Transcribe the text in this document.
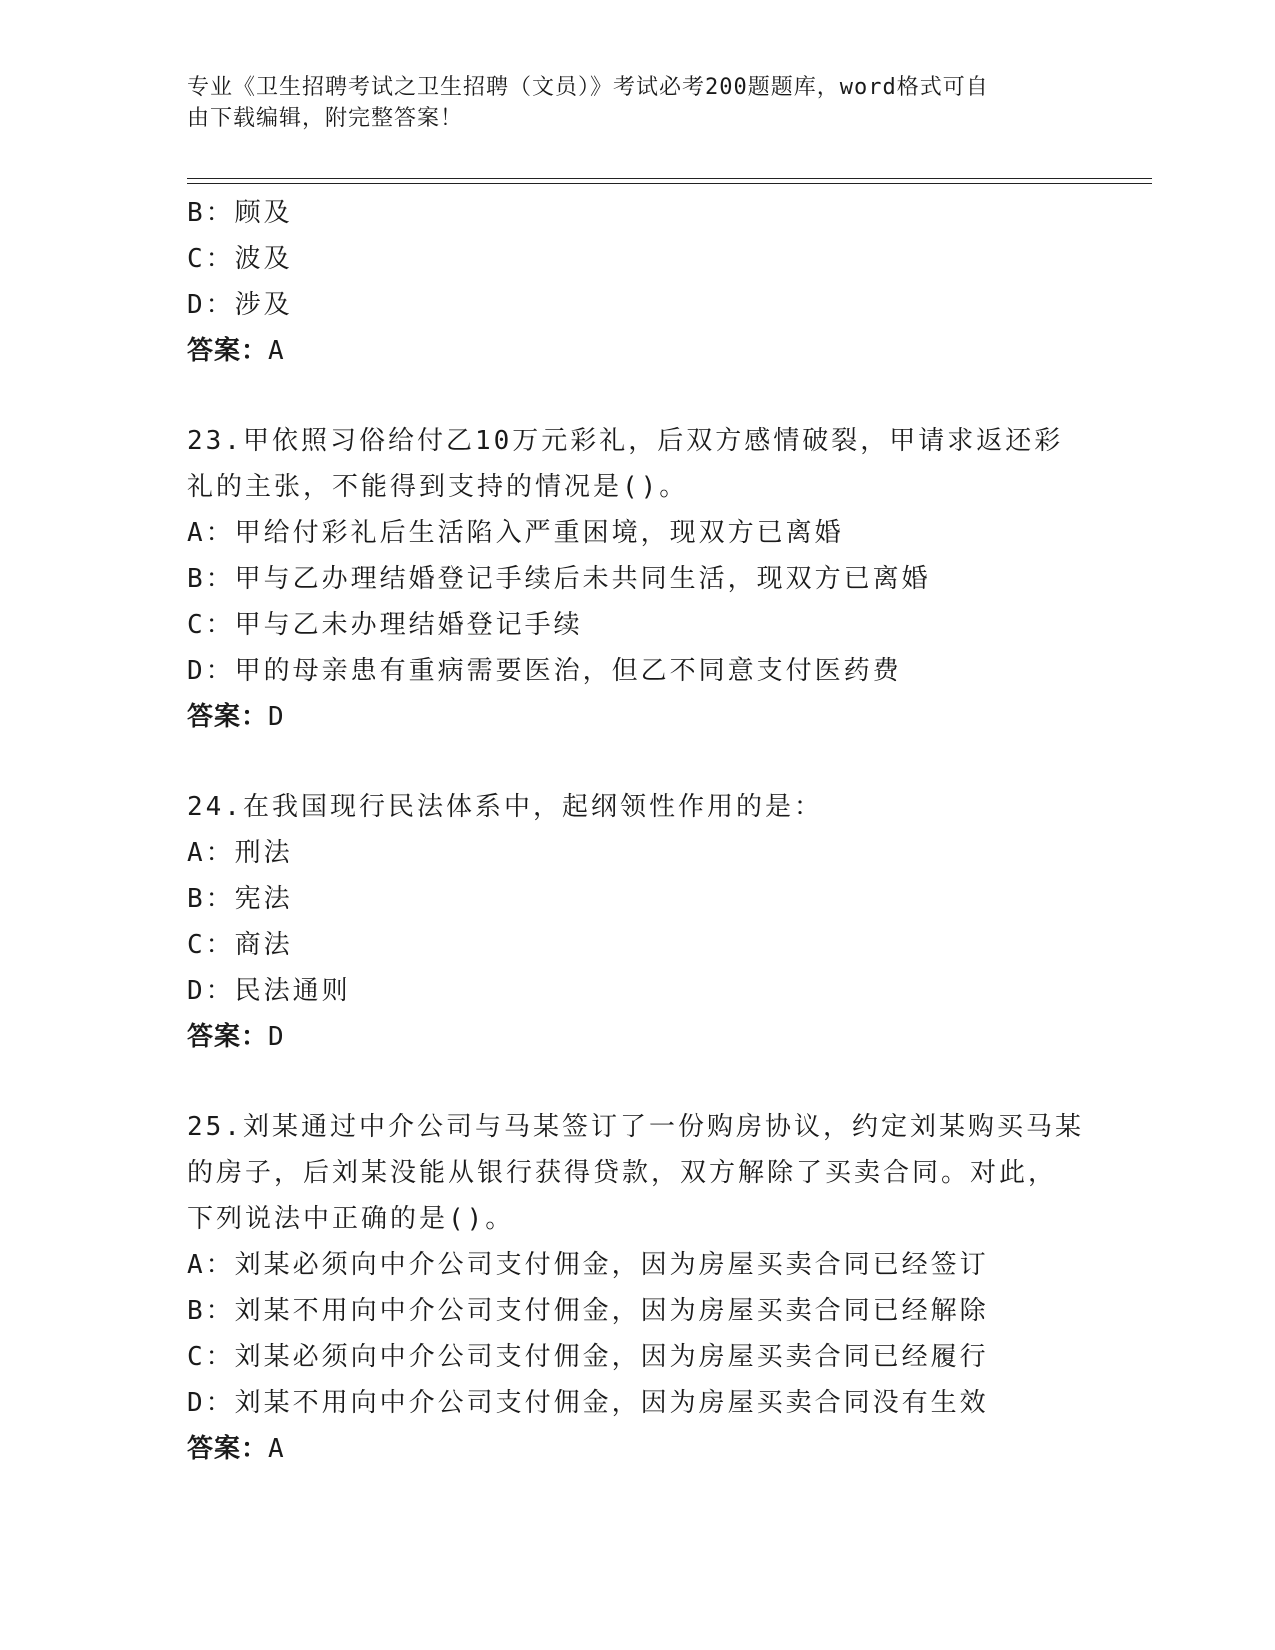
专业《卫生招聘考试之卫生招聘（文员）》考试必考200题题库，word格式可自
由下载编辑，附完整答案！
B：顾及
C：波及
D：涉及
答案：A
23.甲依照习俗给付乙10万元彩礼，后双方感情破裂，甲请求返还彩
礼的主张，不能得到支持的情况是()。
A：甲给付彩礼后生活陷入严重困境，现双方已离婚
B：甲与乙办理结婚登记手续后未共同生活，现双方已离婚
C：甲与乙未办理结婚登记手续
D：甲的母亲患有重病需要医治，但乙不同意支付医药费
答案：D
24.在我国现行民法体系中，起纲领性作用的是：
A：刑法
B：宪法
C：商法
D：民法通则
答案：D
25.刘某通过中介公司与马某签订了一份购房协议，约定刘某购买马某
的房子，后刘某没能从银行获得贷款，双方解除了买卖合同。对此，
下列说法中正确的是()。
A：刘某必须向中介公司支付佣金，因为房屋买卖合同已经签订
B：刘某不用向中介公司支付佣金，因为房屋买卖合同已经解除
C：刘某必须向中介公司支付佣金，因为房屋买卖合同已经履行
D：刘某不用向中介公司支付佣金，因为房屋买卖合同没有生效
答案：A
